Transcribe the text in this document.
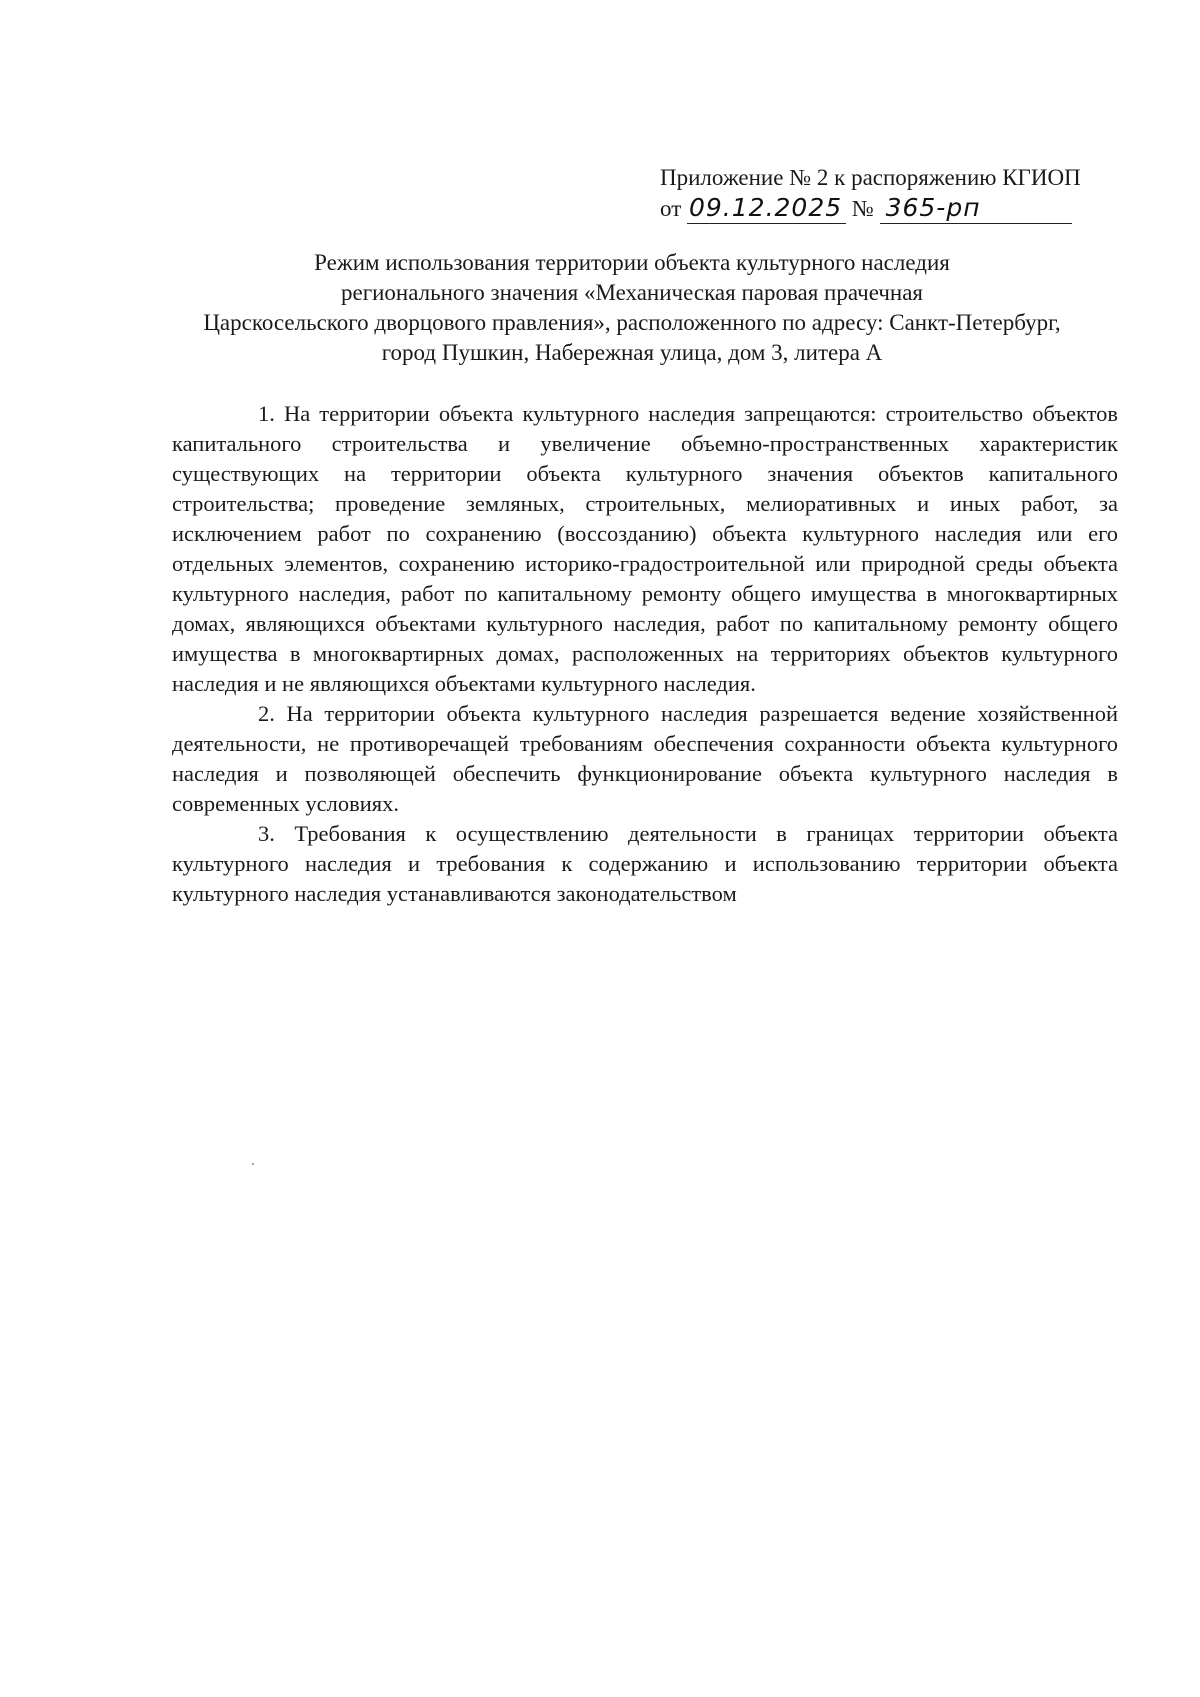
Приложение № 2 к распоряжению КГИОП
от 09.12.2025 № 365-рп
Режим использования территории объекта культурного наследия
регионального значения «Механическая паровая прачечная
Царскосельского дворцового правления», расположенного по адресу: Санкт-Петербург,
город Пушкин, Набережная улица, дом 3, литера А

1. На территории объекта культурного наследия запрещаются: строительство объектов капитального строительства и увеличение объемно-пространственных характеристик существующих на территории объекта культурного значения объектов капитального строительства; проведение земляных, строительных, мелиоративных и иных работ, за исключением работ по сохранению (воссозданию) объекта культурного наследия или его отдельных элементов, сохранению историко-градостроительной или природной среды объекта культурного наследия, работ по капитальному ремонту общего имущества в многоквартирных домах, являющихся объектами культурного наследия, работ по капитальному ремонту общего имущества в многоквартирных домах, расположенных на территориях объектов культурного наследия и не являющихся объектами культурного наследия.

2. На территории объекта культурного наследия разрешается ведение хозяйственной деятельности, не противоречащей требованиям обеспечения сохранности объекта культурного наследия и позволяющей обеспечить функционирование объекта культурного наследия в современных условиях.

3. Требования к осуществлению деятельности в границах территории объекта культурного наследия и требования к содержанию и использованию территории объекта культурного наследия устанавливаются законодательством
